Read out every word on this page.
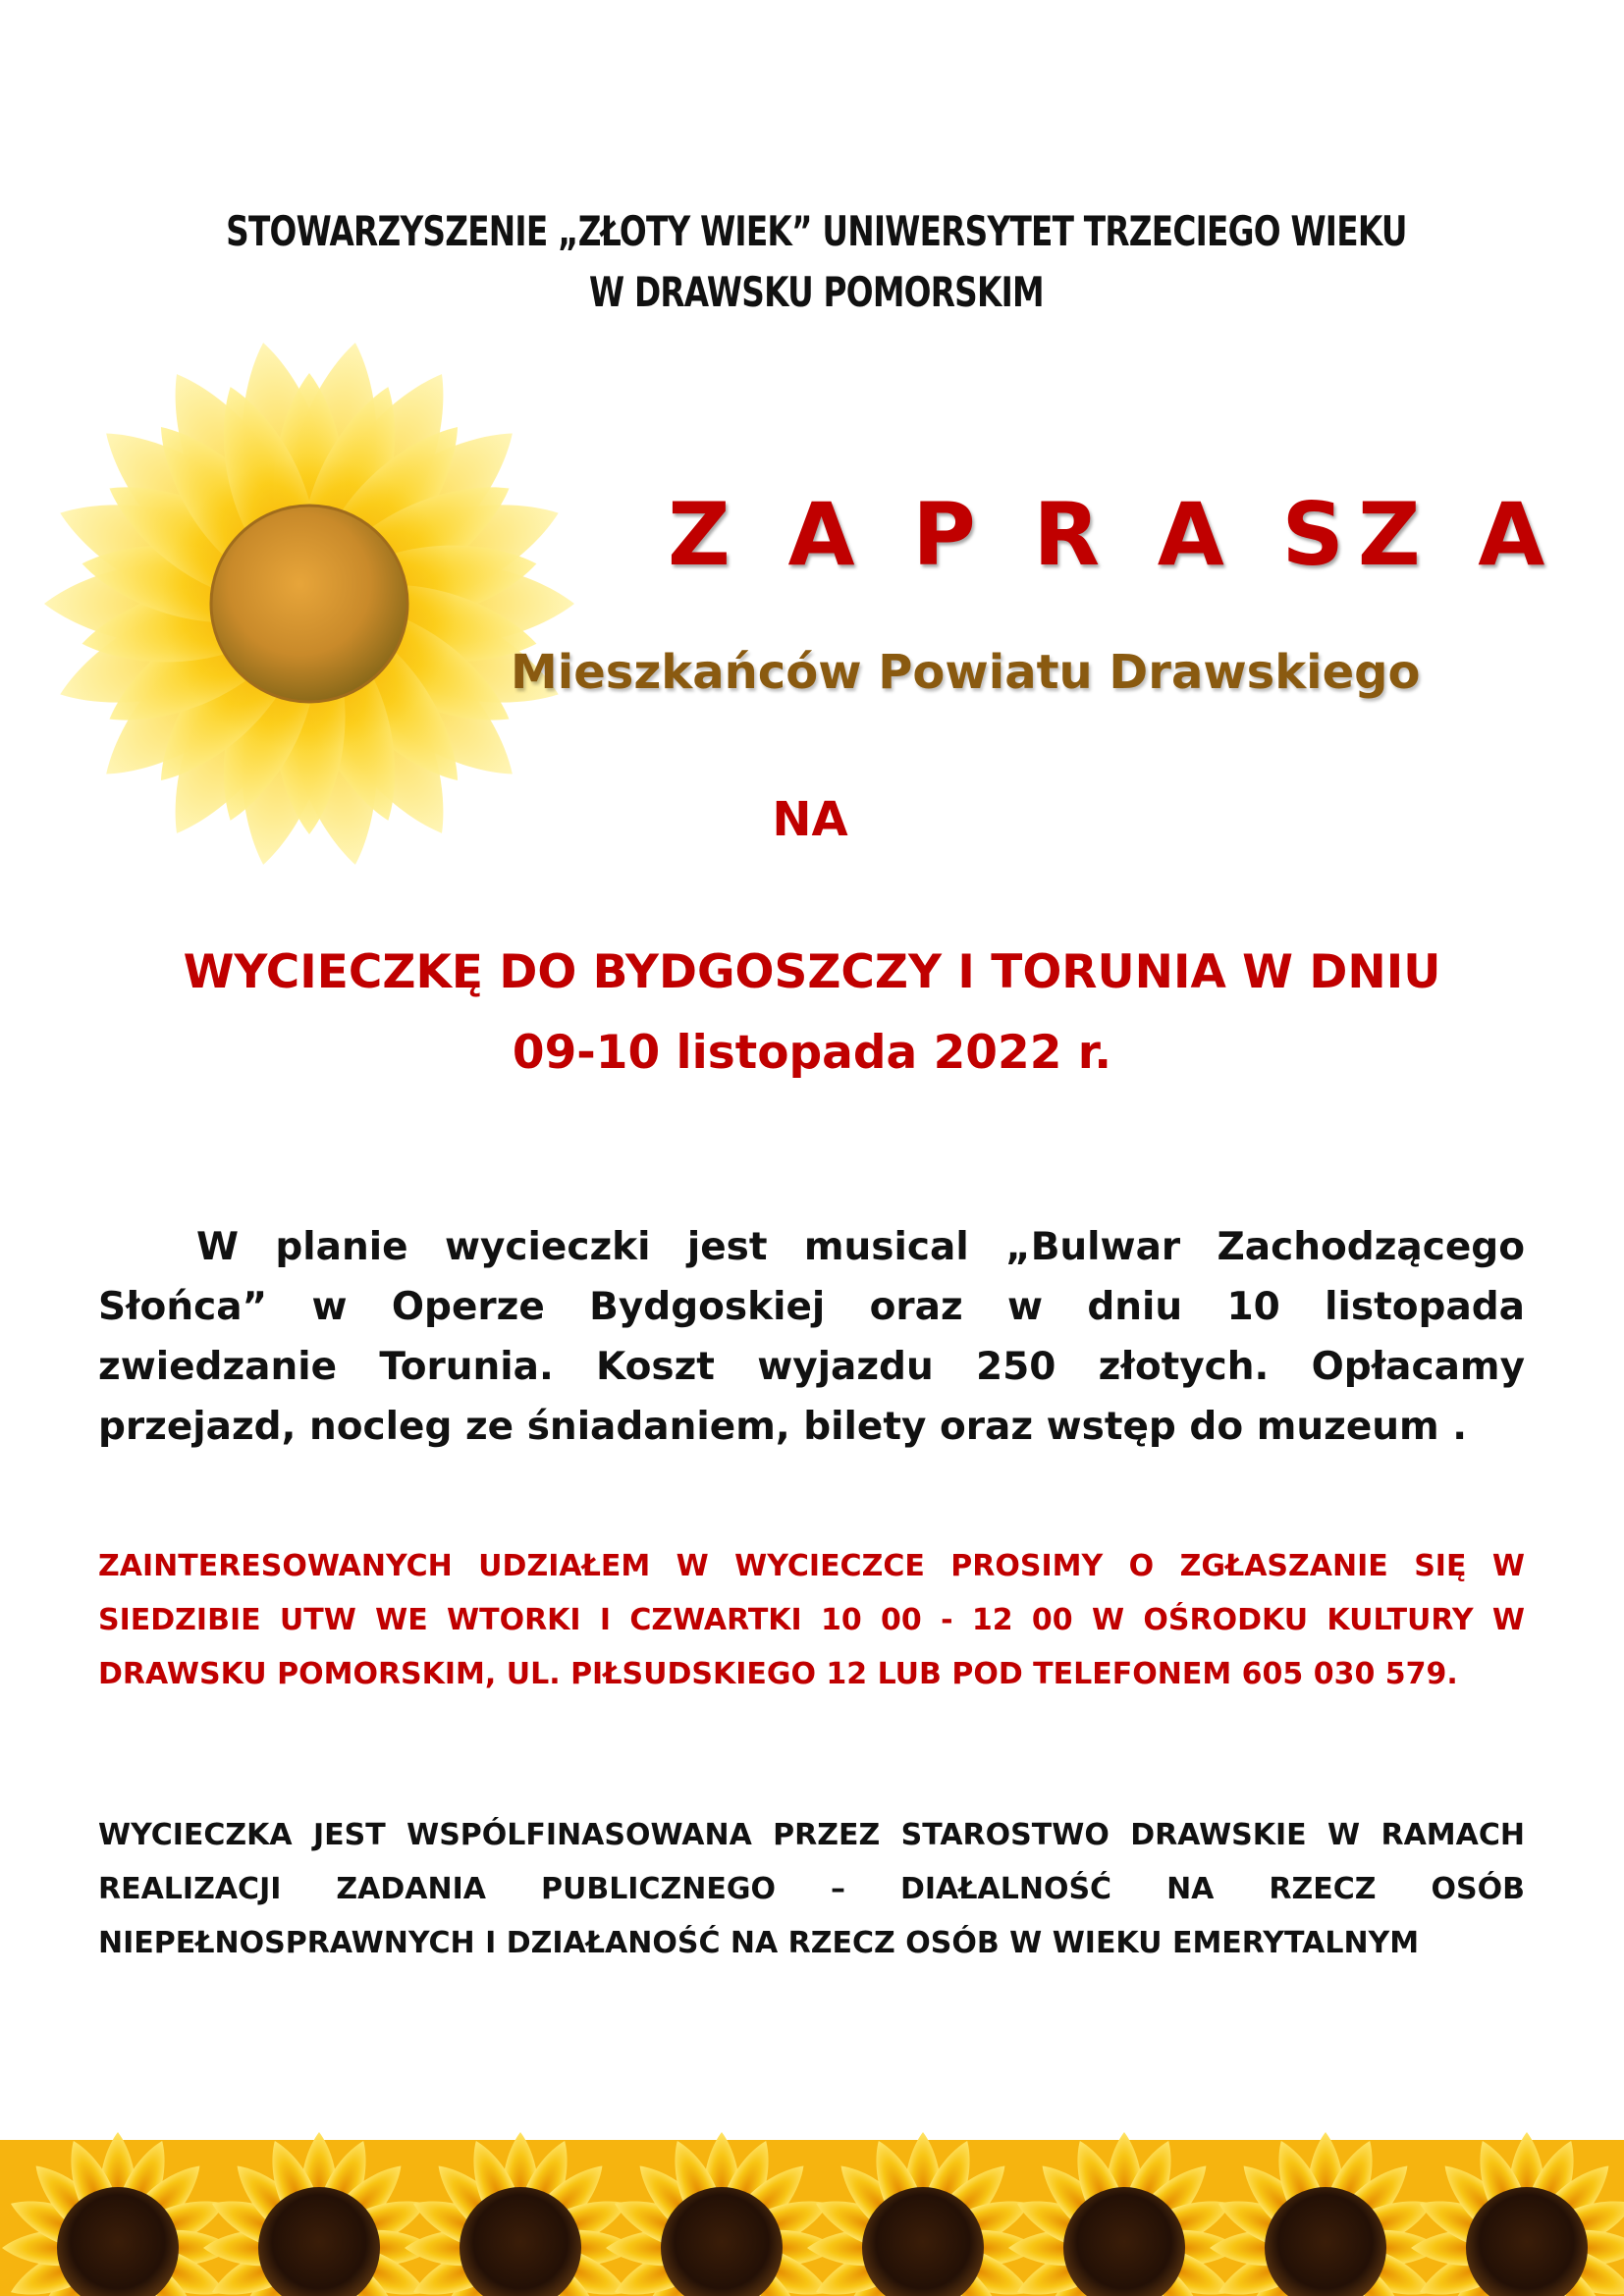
STOWARZYSZENIE „ZŁOTY WIEK” UNIWERSYTET TRZECIEGO WIEKU
W DRAWSKU POMORSKIM
Z A P R A SZ A
Mieszkańców Powiatu Drawskiego
NA
WYCIECZKĘ DO BYDGOSZCZY I TORUNIA W DNIU
09-10 listopada 2022 r.

W planie wycieczki jest musical „Bulwar Zachodzącego Słońca” w Operze Bydgoskiej oraz w dniu 10 listopada zwiedzanie Torunia. Koszt wyjazdu 250 złotych. Opłacamy przejazd, nocleg ze śniadaniem, bilety oraz wstęp do muzeum .

ZAINTERESOWANYCH UDZIAŁEM W WYCIECZCE PROSIMY O ZGŁASZANIE SIĘ W SIEDZIBIE UTW WE WTORKI I CZWARTKI 10 00 - 12 00 W OŚRODKU KULTURY W DRAWSKU POMORSKIM, UL. PIŁSUDSKIEGO 12 LUB POD TELEFONEM 605 030 579.

WYCIECZKA JEST WSPÓLFINASOWANA PRZEZ STAROSTWO DRAWSKIE W RAMACH REALIZACJI ZADANIA PUBLICZNEGO – DIAŁALNOŚĆ NA RZECZ OSÓB NIEPEŁNOSPRAWNYCH I DZIAŁANOŚĆ NA RZECZ OSÓB W WIEKU EMERYTALNYM
